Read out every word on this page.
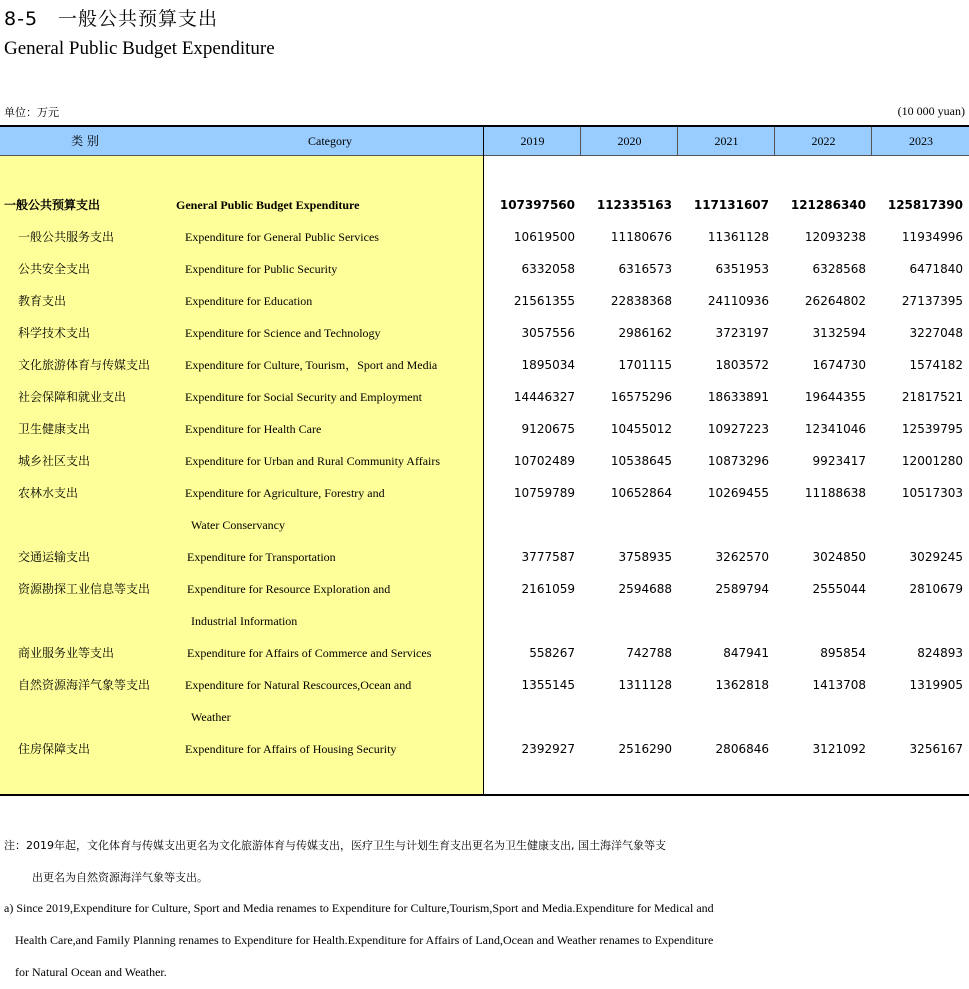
8-5　一般公共预算支出
General Public Budget Expenditure
单位：万元	(10 000 yuan)
类 别	Category	2019	2020	2021	2022	2023
一般公共预算支出	General Public Budget Expenditure	107397560	112335163	117131607	121286340	125817390
一般公共服务支出	Expenditure for General Public Services	10619500	11180676	11361128	12093238	11934996
公共安全支出	Expenditure for Public Security	6332058	6316573	6351953	6328568	6471840
教育支出	Expenditure for Education	21561355	22838368	24110936	26264802	27137395
科学技术支出	Expenditure for Science and Technology	3057556	2986162	3723197	3132594	3227048
文化旅游体育与传媒支出	Expenditure for Culture, Tourism，Sport and Media	1895034	1701115	1803572	1674730	1574182
社会保障和就业支出	Expenditure for Social Security and Employment	14446327	16575296	18633891	19644355	21817521
卫生健康支出	Expenditure for Health Care	9120675	10455012	10927223	12341046	12539795
城乡社区支出	Expenditure for Urban and Rural Community Affairs	10702489	10538645	10873296	9923417	12001280
农林水支出	Expenditure for Agriculture, Forestry and	10759789	10652864	10269455	11188638	10517303
Water Conservancy
交通运输支出	Expenditure for Transportation	3777587	3758935	3262570	3024850	3029245
资源勘探工业信息等支出	Expenditure for Resource Exploration and	2161059	2594688	2589794	2555044	2810679
Industrial Information
商业服务业等支出	Expenditure for Affairs of Commerce and Services	558267	742788	847941	895854	824893
自然资源海洋气象等支出	Expenditure for Natural Rescources,Ocean and	1355145	1311128	1362818	1413708	1319905
Weather
住房保障支出	Expenditure for Affairs of Housing Security	2392927	2516290	2806846	3121092	3256167
注：2019年起，文化体育与传媒支出更名为文化旅游体育与传媒支出，医疗卫生与计划生育支出更名为卫生健康支出, 国土海洋气象等支
出更名为自然资源海洋气象等支出。
a) Since 2019,Expenditure for Culture, Sport and Media renames to Expenditure for Culture,Tourism,Sport and Media.Expenditure for Medical and
Health Care,and Family Planning renames to Expenditure for Health.Expenditure for Affairs of Land,Ocean and Weather renames to Expenditure
for Natural Ocean and Weather.
